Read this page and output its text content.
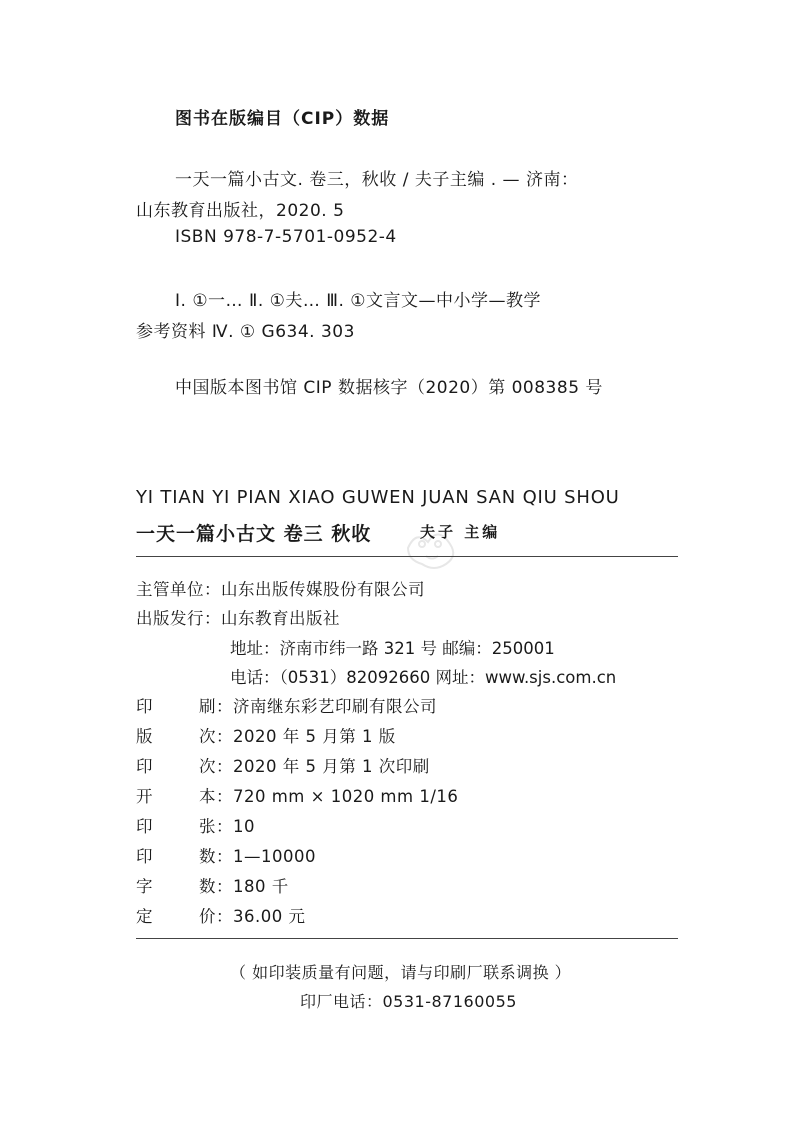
图书在版编目（CIP）数据
一天一篇小古文. 卷三，秋收 / 夫子主编 . — 济南：
山东教育出版社，2020. 5
ISBN 978-7-5701-0952-4
Ⅰ. ①一… Ⅱ. ①夫… Ⅲ. ①文言文—中小学—教学
参考资料 Ⅳ. ① G634. 303
中国版本图书馆 CIP 数据核字（2020）第 008385 号
YI TIAN YI PIAN XIAO GUWEN JUAN SAN QIU SHOU
一天一篇小古文 卷三 秋收	夫子 主编
主管单位：山东出版传媒股份有限公司
出版发行：山东教育出版社
地址：济南市纬一路 321 号 邮编：250001
电话：（0531）82092660 网址：www.sjs.com.cn
印刷：济南继东彩艺印刷有限公司
版次：2020 年 5 月第 1 版
印次：2020 年 5 月第 1 次印刷
开本：720 mm × 1020 mm 1/16
印张：10
印数：1—10000
字数：180 千
定价：36.00 元
（ 如印装质量有问题，请与印刷厂联系调换 ）
印厂电话：0531-87160055
